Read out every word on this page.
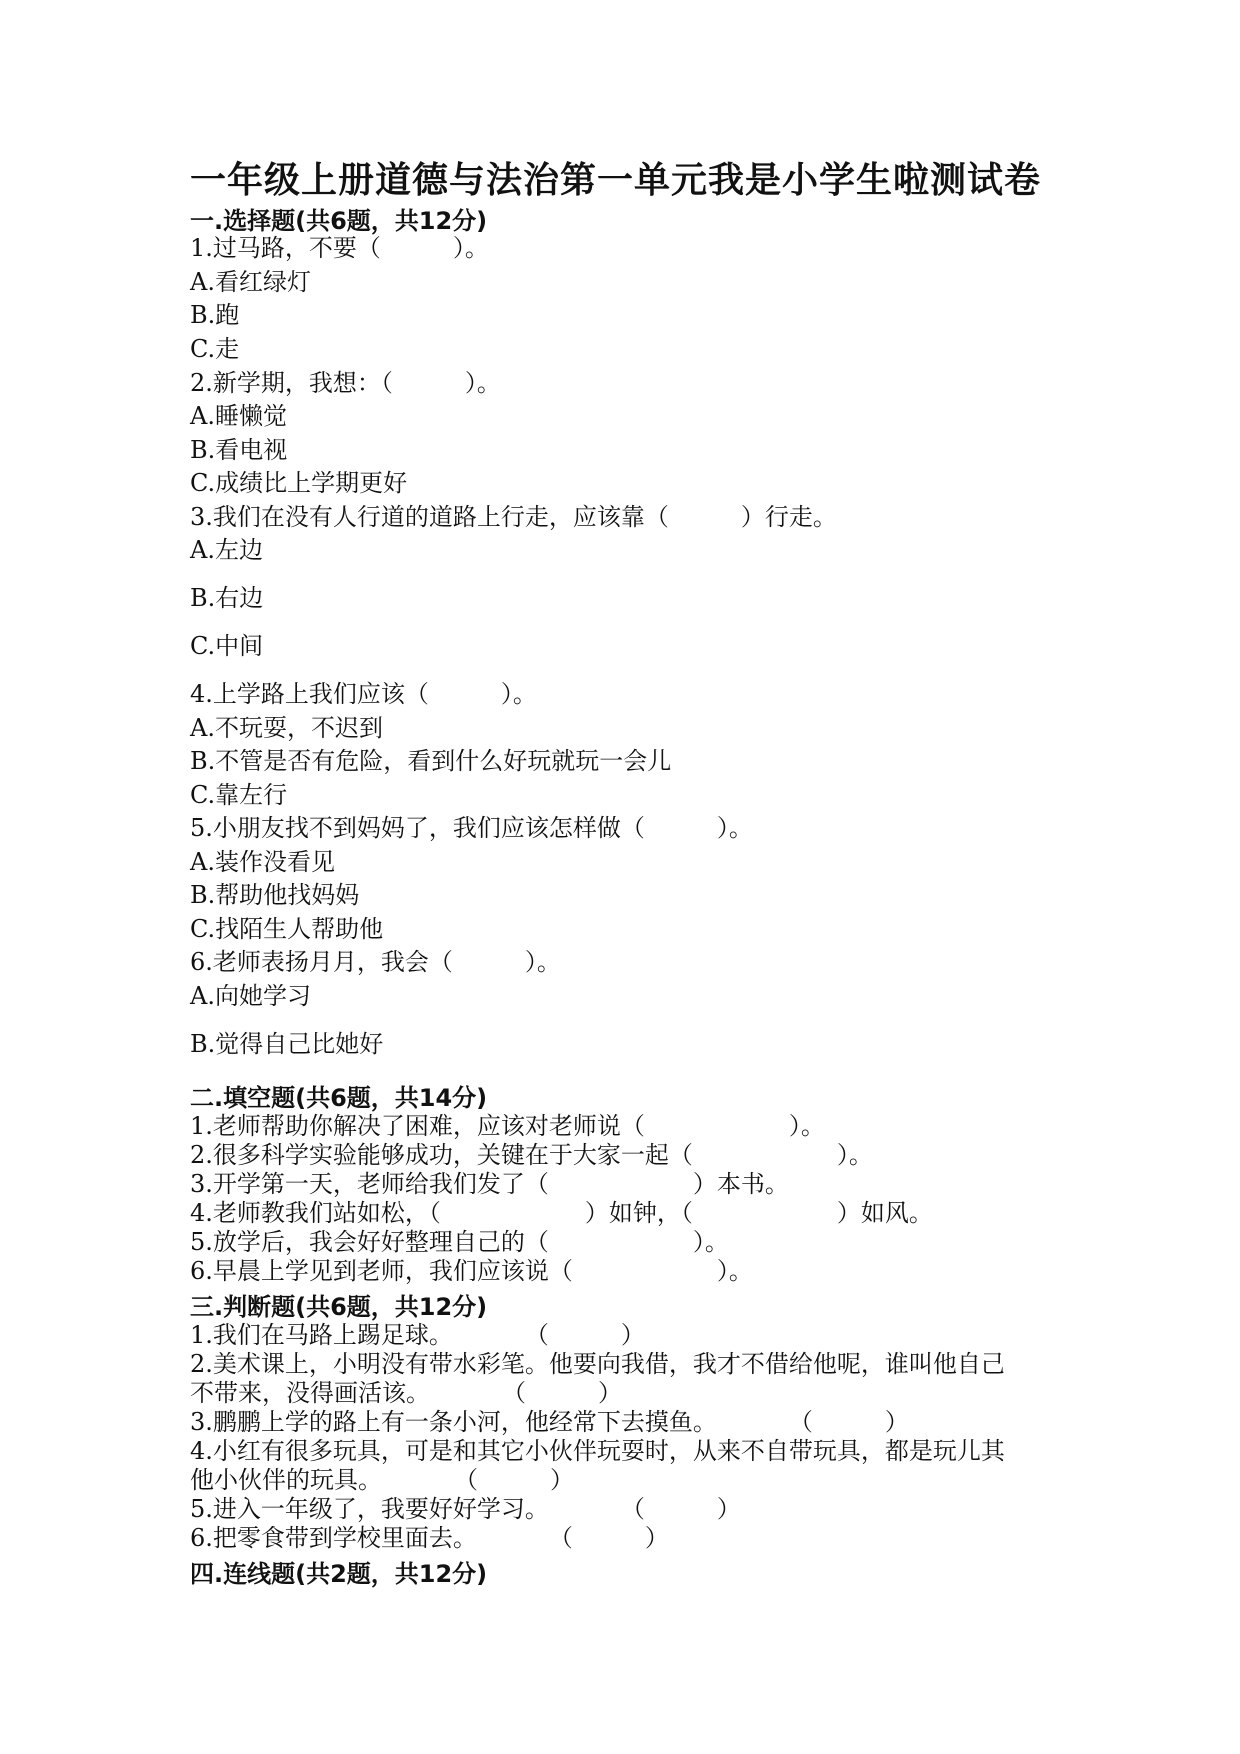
一年级上册道德与法治第一单元我是小学生啦测试卷
一.选择题(共6题，共12分)
1.过马路，不要（　　　）。
A.看红绿灯
B.跑
C.走
2.新学期，我想：（　　　）。
A.睡懒觉
B.看电视
C.成绩比上学期更好
3.我们在没有人行道的道路上行走，应该靠（　　　）行走。
A.左边
B.右边
C.中间
4.上学路上我们应该（　　　）。
A.不玩耍，不迟到
B.不管是否有危险，看到什么好玩就玩一会儿
C.靠左行
5.小朋友找不到妈妈了，我们应该怎样做（　　　）。
A.装作没看见
B.帮助他找妈妈
C.找陌生人帮助他
6.老师表扬月月，我会（　　　）。
A.向她学习
B.觉得自己比她好
二.填空题(共6题，共14分)
1.老师帮助你解决了困难，应该对老师说（　　　　　　）。
2.很多科学实验能够成功，关键在于大家一起（　　　　　　）。
3.开学第一天，老师给我们发了（　　　　　　）本书。
4.老师教我们站如松，（　　　　　　）如钟，（　　　　　　）如风。
5.放学后，我会好好整理自己的（　　　　　　）。
6.早晨上学见到老师，我们应该说（　　　　　　）。
三.判断题(共6题，共12分)
1.我们在马路上踢足球。　　　　（　　　）
2.美术课上，小明没有带水彩笔。他要向我借，我才不借给他呢，谁叫他自己
不带来，没得画活该。　　　　（　　　）
3.鹏鹏上学的路上有一条小河，他经常下去摸鱼。　　　　（　　　）
4.小红有很多玩具，可是和其它小伙伴玩耍时，从来不自带玩具，都是玩儿其
他小伙伴的玩具。　　　　（　　　）
5.进入一年级了，我要好好学习。　　　　（　　　）
6.把零食带到学校里面去。　　　　（　　　）
四.连线题(共2题，共12分)
